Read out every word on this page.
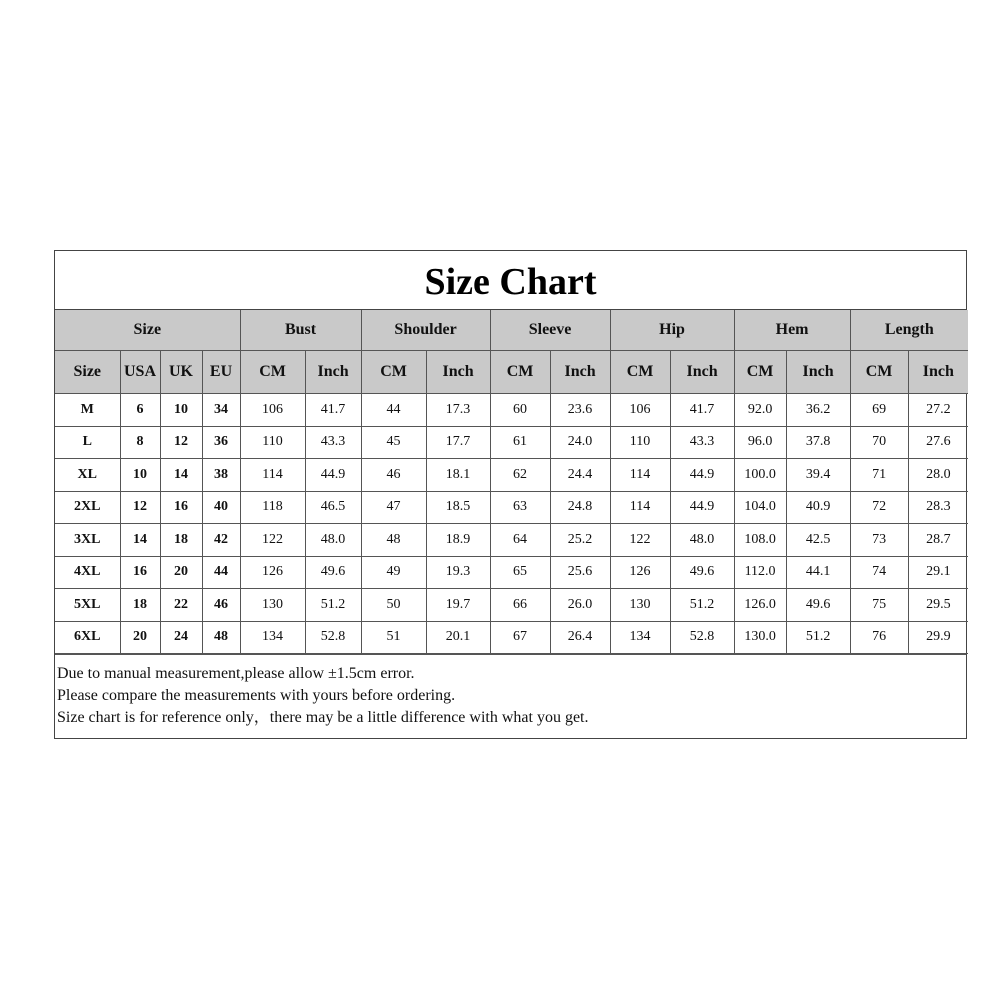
Size Chart
Size				Bust		Shoulder		Sleeve		Hip		Hem		Length	
Size	USA	UK	EU	CM	Inch	CM	Inch	CM	Inch	CM	Inch	CM	Inch	CM	Inch
M	6	10	34	106	41.7	44	17.3	60	23.6	106	41.7	92.0	36.2	69	27.2
L	8	12	36	110	43.3	45	17.7	61	24.0	110	43.3	96.0	37.8	70	27.6
XL	10	14	38	114	44.9	46	18.1	62	24.4	114	44.9	100.0	39.4	71	28.0
2XL	12	16	40	118	46.5	47	18.5	63	24.8	114	44.9	104.0	40.9	72	28.3
3XL	14	18	42	122	48.0	48	18.9	64	25.2	122	48.0	108.0	42.5	73	28.7
4XL	16	20	44	126	49.6	49	19.3	65	25.6	126	49.6	112.0	44.1	74	29.1
5XL	18	22	46	130	51.2	50	19.7	66	26.0	130	51.2	126.0	49.6	75	29.5
6XL	20	24	48	134	52.8	51	20.1	67	26.4	134	52.8	130.0	51.2	76	29.9
Due to manual measurement,please allow ±1.5cm error.
Please compare the measurements with yours before ordering.
Size chart is for reference only，there may be a little difference with what you get.
